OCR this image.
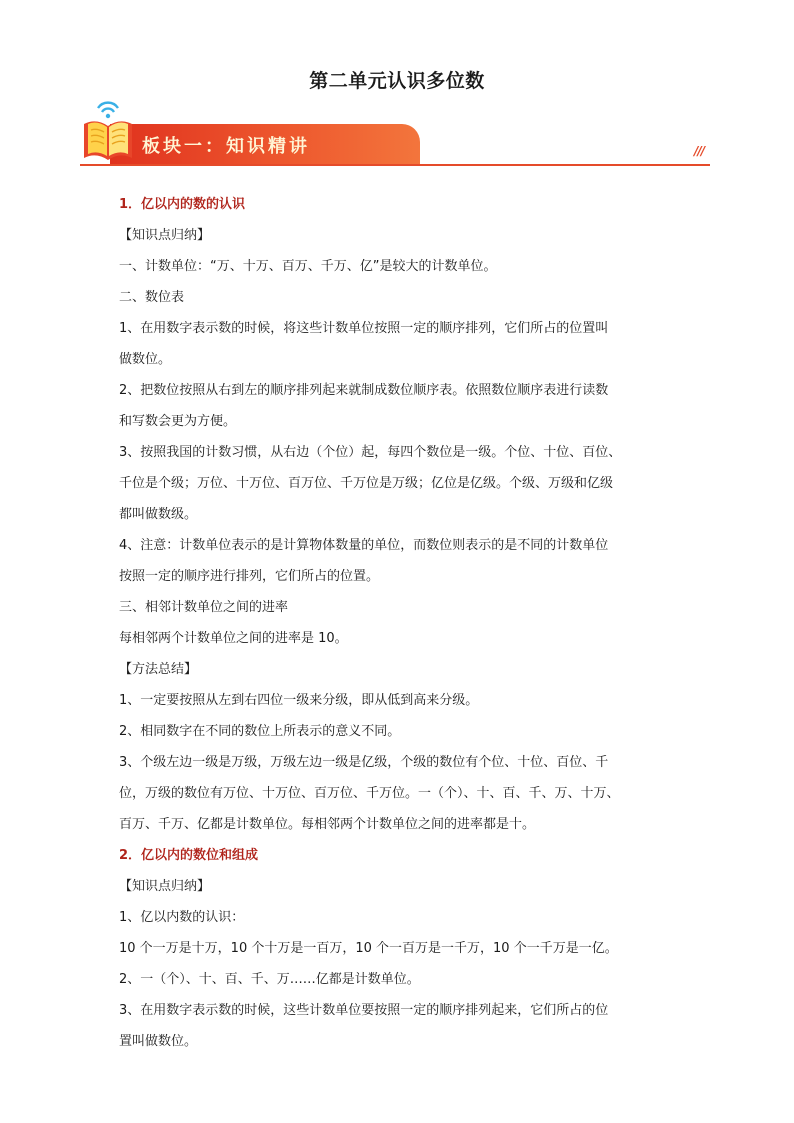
第二单元认识多位数
板块一：知识精讲	///
1．亿以内的数的认识
【知识点归纳】
一、计数单位：“万、十万、百万、千万、亿”是较大的计数单位。
二、数位表
1、在用数字表示数的时候，将这些计数单位按照一定的顺序排列，它们所占的位置叫
做数位。
2、把数位按照从右到左的顺序排列起来就制成数位顺序表。依照数位顺序表进行读数
和写数会更为方便。
3、按照我国的计数习惯，从右边（个位）起，每四个数位是一级。个位、十位、百位、
千位是个级；万位、十万位、百万位、千万位是万级；亿位是亿级。个级、万级和亿级
都叫做数级。
4、注意：计数单位表示的是计算物体数量的单位，而数位则表示的是不同的计数单位
按照一定的顺序进行排列，它们所占的位置。
三、相邻计数单位之间的进率
每相邻两个计数单位之间的进率是 10。
【方法总结】
1、一定要按照从左到右四位一级来分级，即从低到高来分级。
2、相同数字在不同的数位上所表示的意义不同。
3、个级左边一级是万级，万级左边一级是亿级，个级的数位有个位、十位、百位、千
位，万级的数位有万位、十万位、百万位、千万位。一（个）、十、百、千、万、十万、
百万、千万、亿都是计数单位。每相邻两个计数单位之间的进率都是十。
2．亿以内的数位和组成
【知识点归纳】
1、亿以内数的认识：
10 个一万是十万，10 个十万是一百万，10 个一百万是一千万，10 个一千万是一亿。
2、一（个）、十、百、千、万……亿都是计数单位。
3、在用数字表示数的时候，这些计数单位要按照一定的顺序排列起来，它们所占的位
置叫做数位。
